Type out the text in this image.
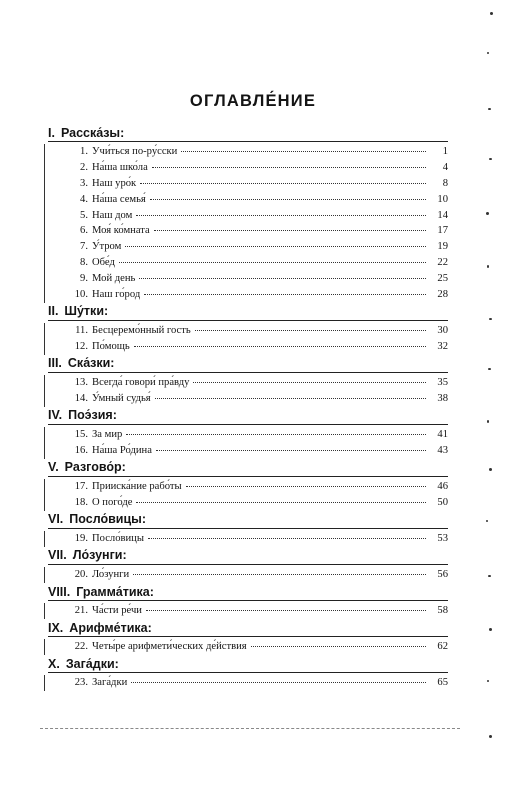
ОГЛАВЛЕ́НИЕ
I. Расска́зы:
1. Учи́ться по-ру́сски	1
2. На́ша шко́ла	4
3. Наш уро́к	8
4. На́ша семья́	10
5. Наш дом	14
6. Моя́ ко́мната	17
7. У́тром	19
8. Обе́д	22
9. Мой день	25
10. Наш го́род	28
II. Шу́тки:
11. Бесцеремо́нный гость	30
12. По́мощь	32
III. Ска́зки:
13. Всегда́ говори́ пра́вду	35
14. У́мный судья́	38
IV. Поэ́зия:
15. За мир	41
16. На́ша Ро́дина	43
V. Разгово́р:
17. Прииска́ние рабо́ты	46
18. О пого́де	50
VI. Посло́вицы:
19. Посло́вицы	53
VII. Ло́зунги:
20. Ло́зунги	56
VIII. Грамма́тика:
21. Ча́сти ре́чи	58
IX. Арифме́тика:
22. Четы́ре арифмети́ческих де́йствия	62
X. Зага́дки:
23. Зага́дки	65
